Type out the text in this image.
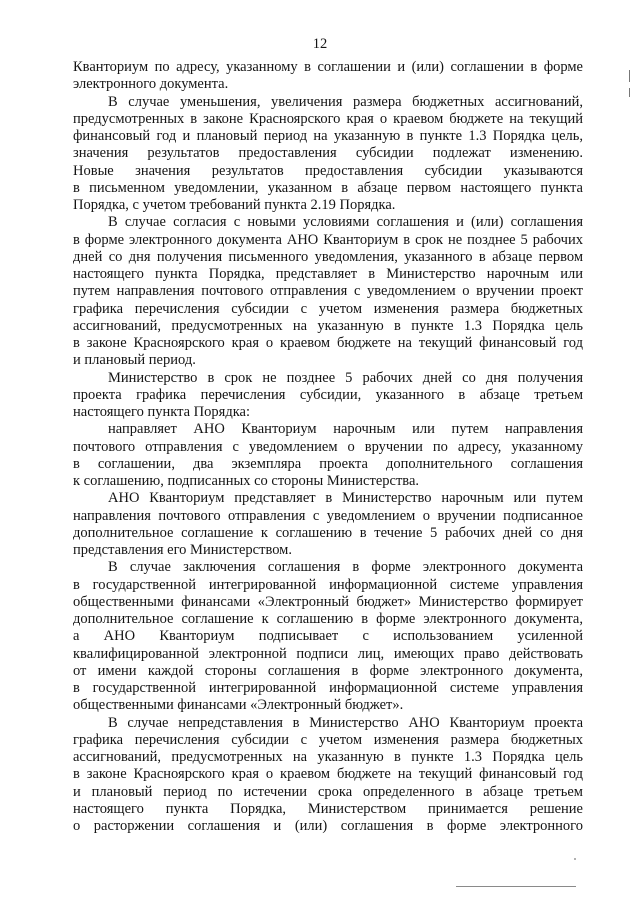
12
Кванториум по адресу, указанному в соглашении и (или) соглашении в форме
электронного документа.
В случае уменьшения, увеличения размера бюджетных ассигнований,
предусмотренных в законе Красноярского края о краевом бюджете на текущий
финансовый год и плановый период на указанную в пункте 1.3 Порядка цель,
значения результатов предоставления субсидии подлежат изменению.
Новые значения результатов предоставления субсидии указываются
в письменном уведомлении, указанном в абзаце первом настоящего пункта
Порядка, с учетом требований пункта 2.19 Порядка.
В случае согласия с новыми условиями соглашения и (или) соглашения
в форме электронного документа АНО Кванториум в срок не позднее 5 рабочих
дней со дня получения письменного уведомления, указанного в абзаце первом
настоящего пункта Порядка, представляет в Министерство нарочным или
путем направления почтового отправления с уведомлением о вручении проект
графика перечисления субсидии с учетом изменения размера бюджетных
ассигнований, предусмотренных на указанную в пункте 1.3 Порядка цель
в законе Красноярского края о краевом бюджете на текущий финансовый год
и плановый период.
Министерство в срок не позднее 5 рабочих дней со дня получения
проекта графика перечисления субсидии, указанного в абзаце третьем
настоящего пункта Порядка:
направляет АНО Кванториум нарочным или путем направления
почтового отправления с уведомлением о вручении по адресу, указанному
в соглашении, два экземпляра проекта дополнительного соглашения
к соглашению, подписанных со стороны Министерства.
АНО Кванториум представляет в Министерство нарочным или путем
направления почтового отправления с уведомлением о вручении подписанное
дополнительное соглашение к соглашению в течение 5 рабочих дней со дня
представления его Министерством.
В случае заключения соглашения в форме электронного документа
в государственной интегрированной информационной системе управления
общественными финансами «Электронный бюджет» Министерство формирует
дополнительное соглашение к соглашению в форме электронного документа,
а АНО Кванториум подписывает с использованием усиленной
квалифицированной электронной подписи лиц, имеющих право действовать
от имени каждой стороны соглашения в форме электронного документа,
в государственной интегрированной информационной системе управления
общественными финансами «Электронный бюджет».
В случае непредставления в Министерство АНО Кванториум проекта
графика перечисления субсидии с учетом изменения размера бюджетных
ассигнований, предусмотренных на указанную в пункте 1.3 Порядка цель
в законе Красноярского края о краевом бюджете на текущий финансовый год
и плановый период по истечении срока определенного в абзаце третьем
настоящего пункта Порядка, Министерством принимается решение
о расторжении соглашения и (или) соглашения в форме электронного
